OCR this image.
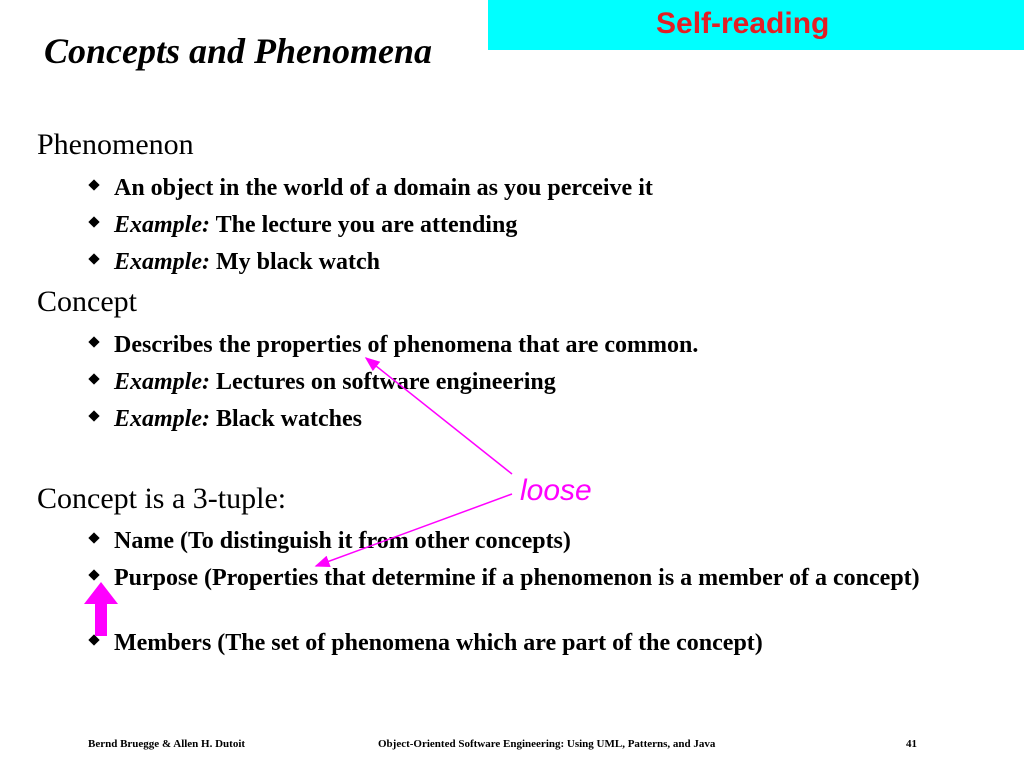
Concepts and Phenomena
Self-reading
Phenomenon
An object in the world of a domain as you perceive it
Example: The lecture you are attending
Example: My black watch
Concept
Describes the properties of phenomena that are common.
Example: Lectures on software engineering
Example: Black watches
Concept is a 3-tuple:
Name (To distinguish it from other concepts)
Purpose (Properties that determine if a phenomenon is a member of a concept)
Members (The set of phenomena which are part of the concept)
loose
Bernd Bruegge & Allen H. Dutoit	Object-Oriented Software Engineering: Using UML, Patterns, and Java	41
